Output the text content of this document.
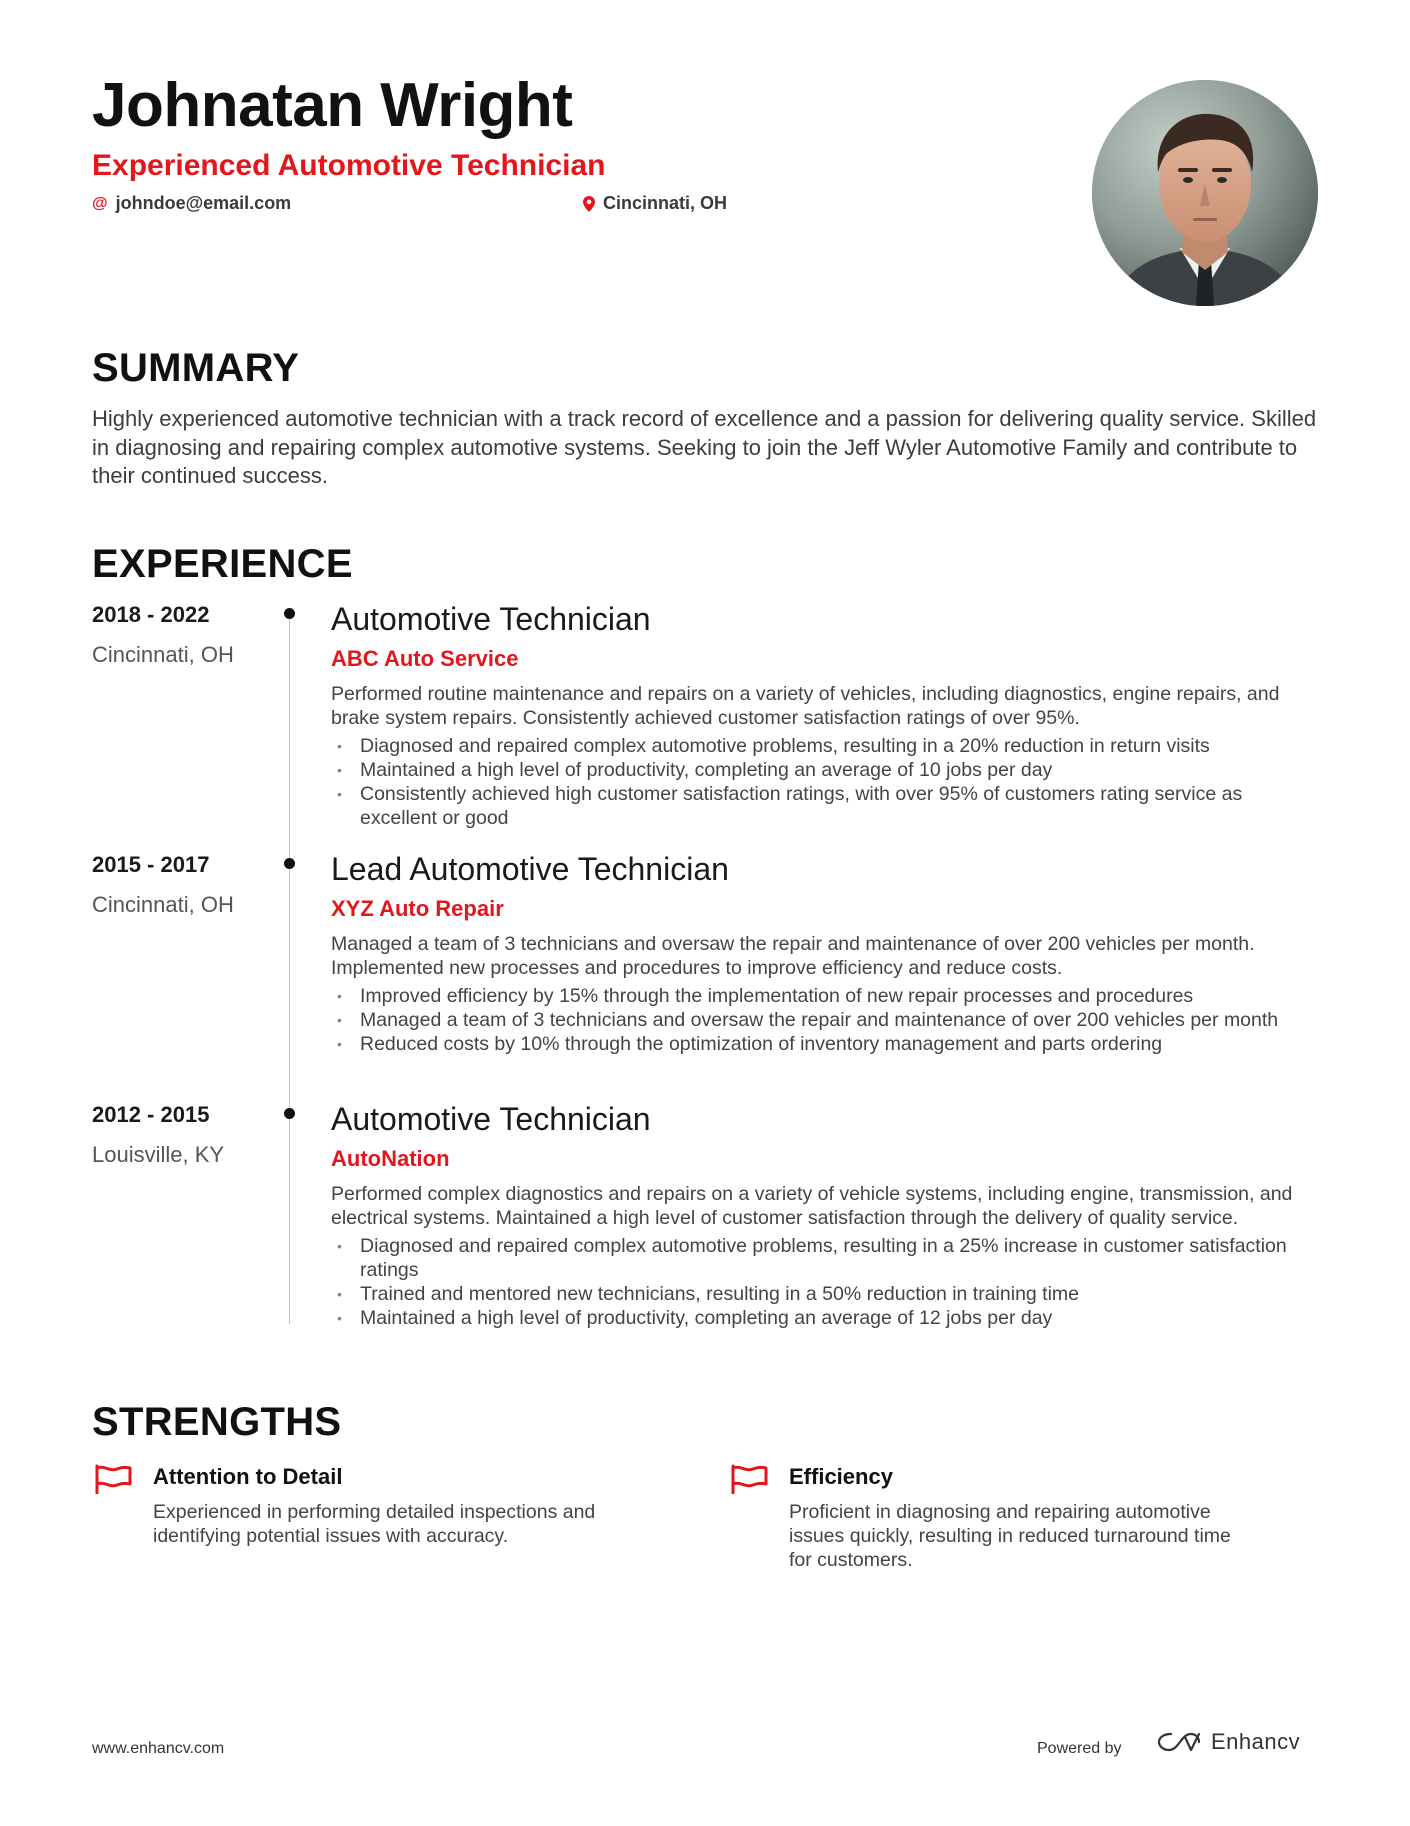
Johnatan Wright
Experienced Automotive Technician
@ johndoe@email.com	Cincinnati, OH
SUMMARY

Highly experienced automotive technician with a track record of excellence and a passion for delivering quality service. Skilled in diagnosing and repairing complex automotive systems. Seeking to join the Jeff Wyler Automotive Family and contribute to their continued success.

EXPERIENCE
2018 - 2022
Cincinnati, OH
Automotive Technician
ABC Auto Service

Performed routine maintenance and repairs on a variety of vehicles, including diagnostics, engine repairs, and brake system repairs. Consistently achieved customer satisfaction ratings of over 95%.

• Diagnosed and repaired complex automotive problems, resulting in a 20% reduction in return visits
• Maintained a high level of productivity, completing an average of 10 jobs per day
• Consistently achieved high customer satisfaction ratings, with over 95% of customers rating service as excellent or good
2015 - 2017
Cincinnati, OH
Lead Automotive Technician
XYZ Auto Repair

Managed a team of 3 technicians and oversaw the repair and maintenance of over 200 vehicles per month. Implemented new processes and procedures to improve efficiency and reduce costs.

• Improved efficiency by 15% through the implementation of new repair processes and procedures
• Managed a team of 3 technicians and oversaw the repair and maintenance of over 200 vehicles per month
• Reduced costs by 10% through the optimization of inventory management and parts ordering
2012 - 2015
Louisville, KY
Automotive Technician
AutoNation

Performed complex diagnostics and repairs on a variety of vehicle systems, including engine, transmission, and electrical systems. Maintained a high level of customer satisfaction through the delivery of quality service.

• Diagnosed and repaired complex automotive problems, resulting in a 25% increase in customer satisfaction ratings
• Trained and mentored new technicians, resulting in a 50% reduction in training time
• Maintained a high level of productivity, completing an average of 12 jobs per day
STRENGTHS
Attention to Detail

Experienced in performing detailed inspections and identifying potential issues with accuracy.

Efficiency

Proficient in diagnosing and repairing automotive issues quickly, resulting in reduced turnaround time for customers.

www.enhancv.com	Powered by	Enhancv
